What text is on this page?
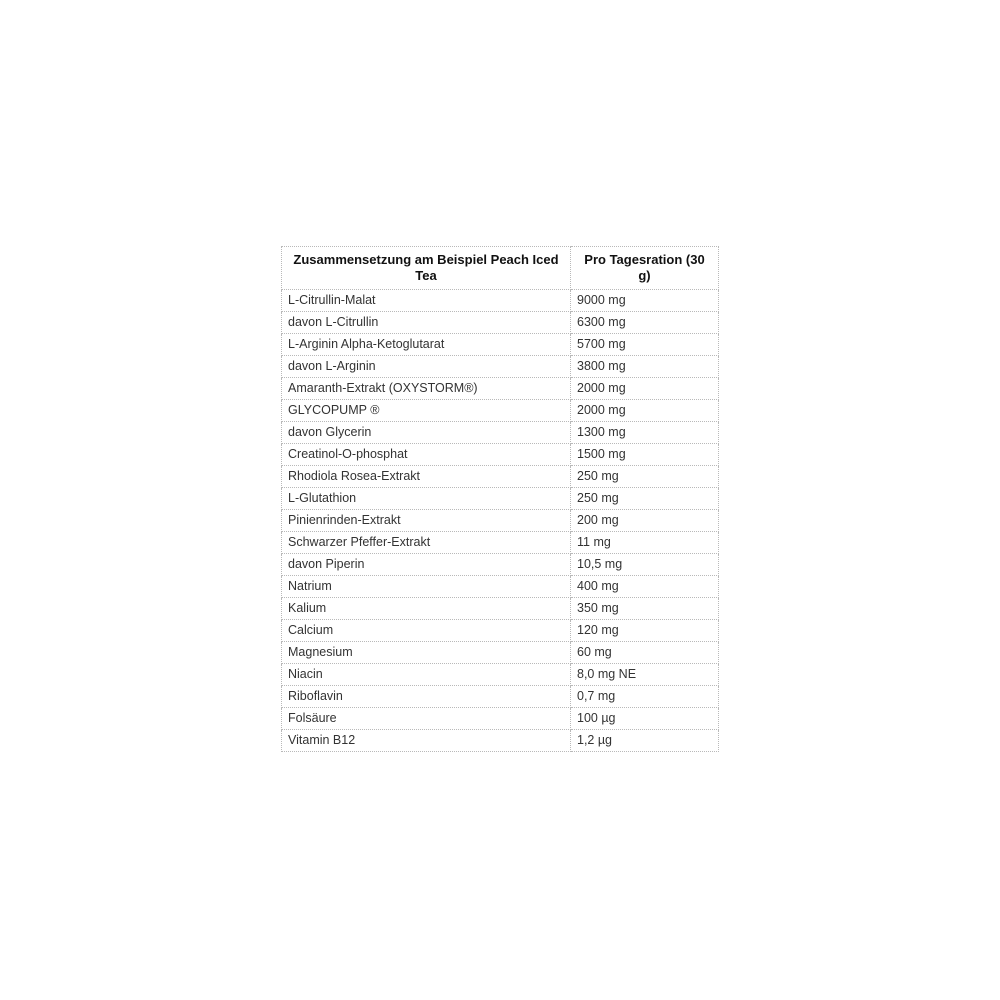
Zusammensetzung am Beispiel Peach Iced Tea	Pro Tagesration (30 g)
L-Citrullin-Malat	9000 mg
davon L-Citrullin	6300 mg
L-Arginin Alpha-Ketoglutarat	5700 mg
davon L-Arginin	3800 mg
Amaranth-Extrakt (OXYSTORM®)	2000 mg
GLYCOPUMP ®	2000 mg
davon Glycerin	1300 mg
Creatinol-O-phosphat	1500 mg
Rhodiola Rosea-Extrakt	250 mg
L-Glutathion	250 mg
Pinienrinden-Extrakt	200 mg
Schwarzer Pfeffer-Extrakt	11 mg
davon Piperin	10,5 mg
Natrium	400 mg
Kalium	350 mg
Calcium	120 mg
Magnesium	60 mg
Niacin	8,0 mg NE
Riboflavin	0,7 mg
Folsäure	100 µg
Vitamin B12	1,2 µg
